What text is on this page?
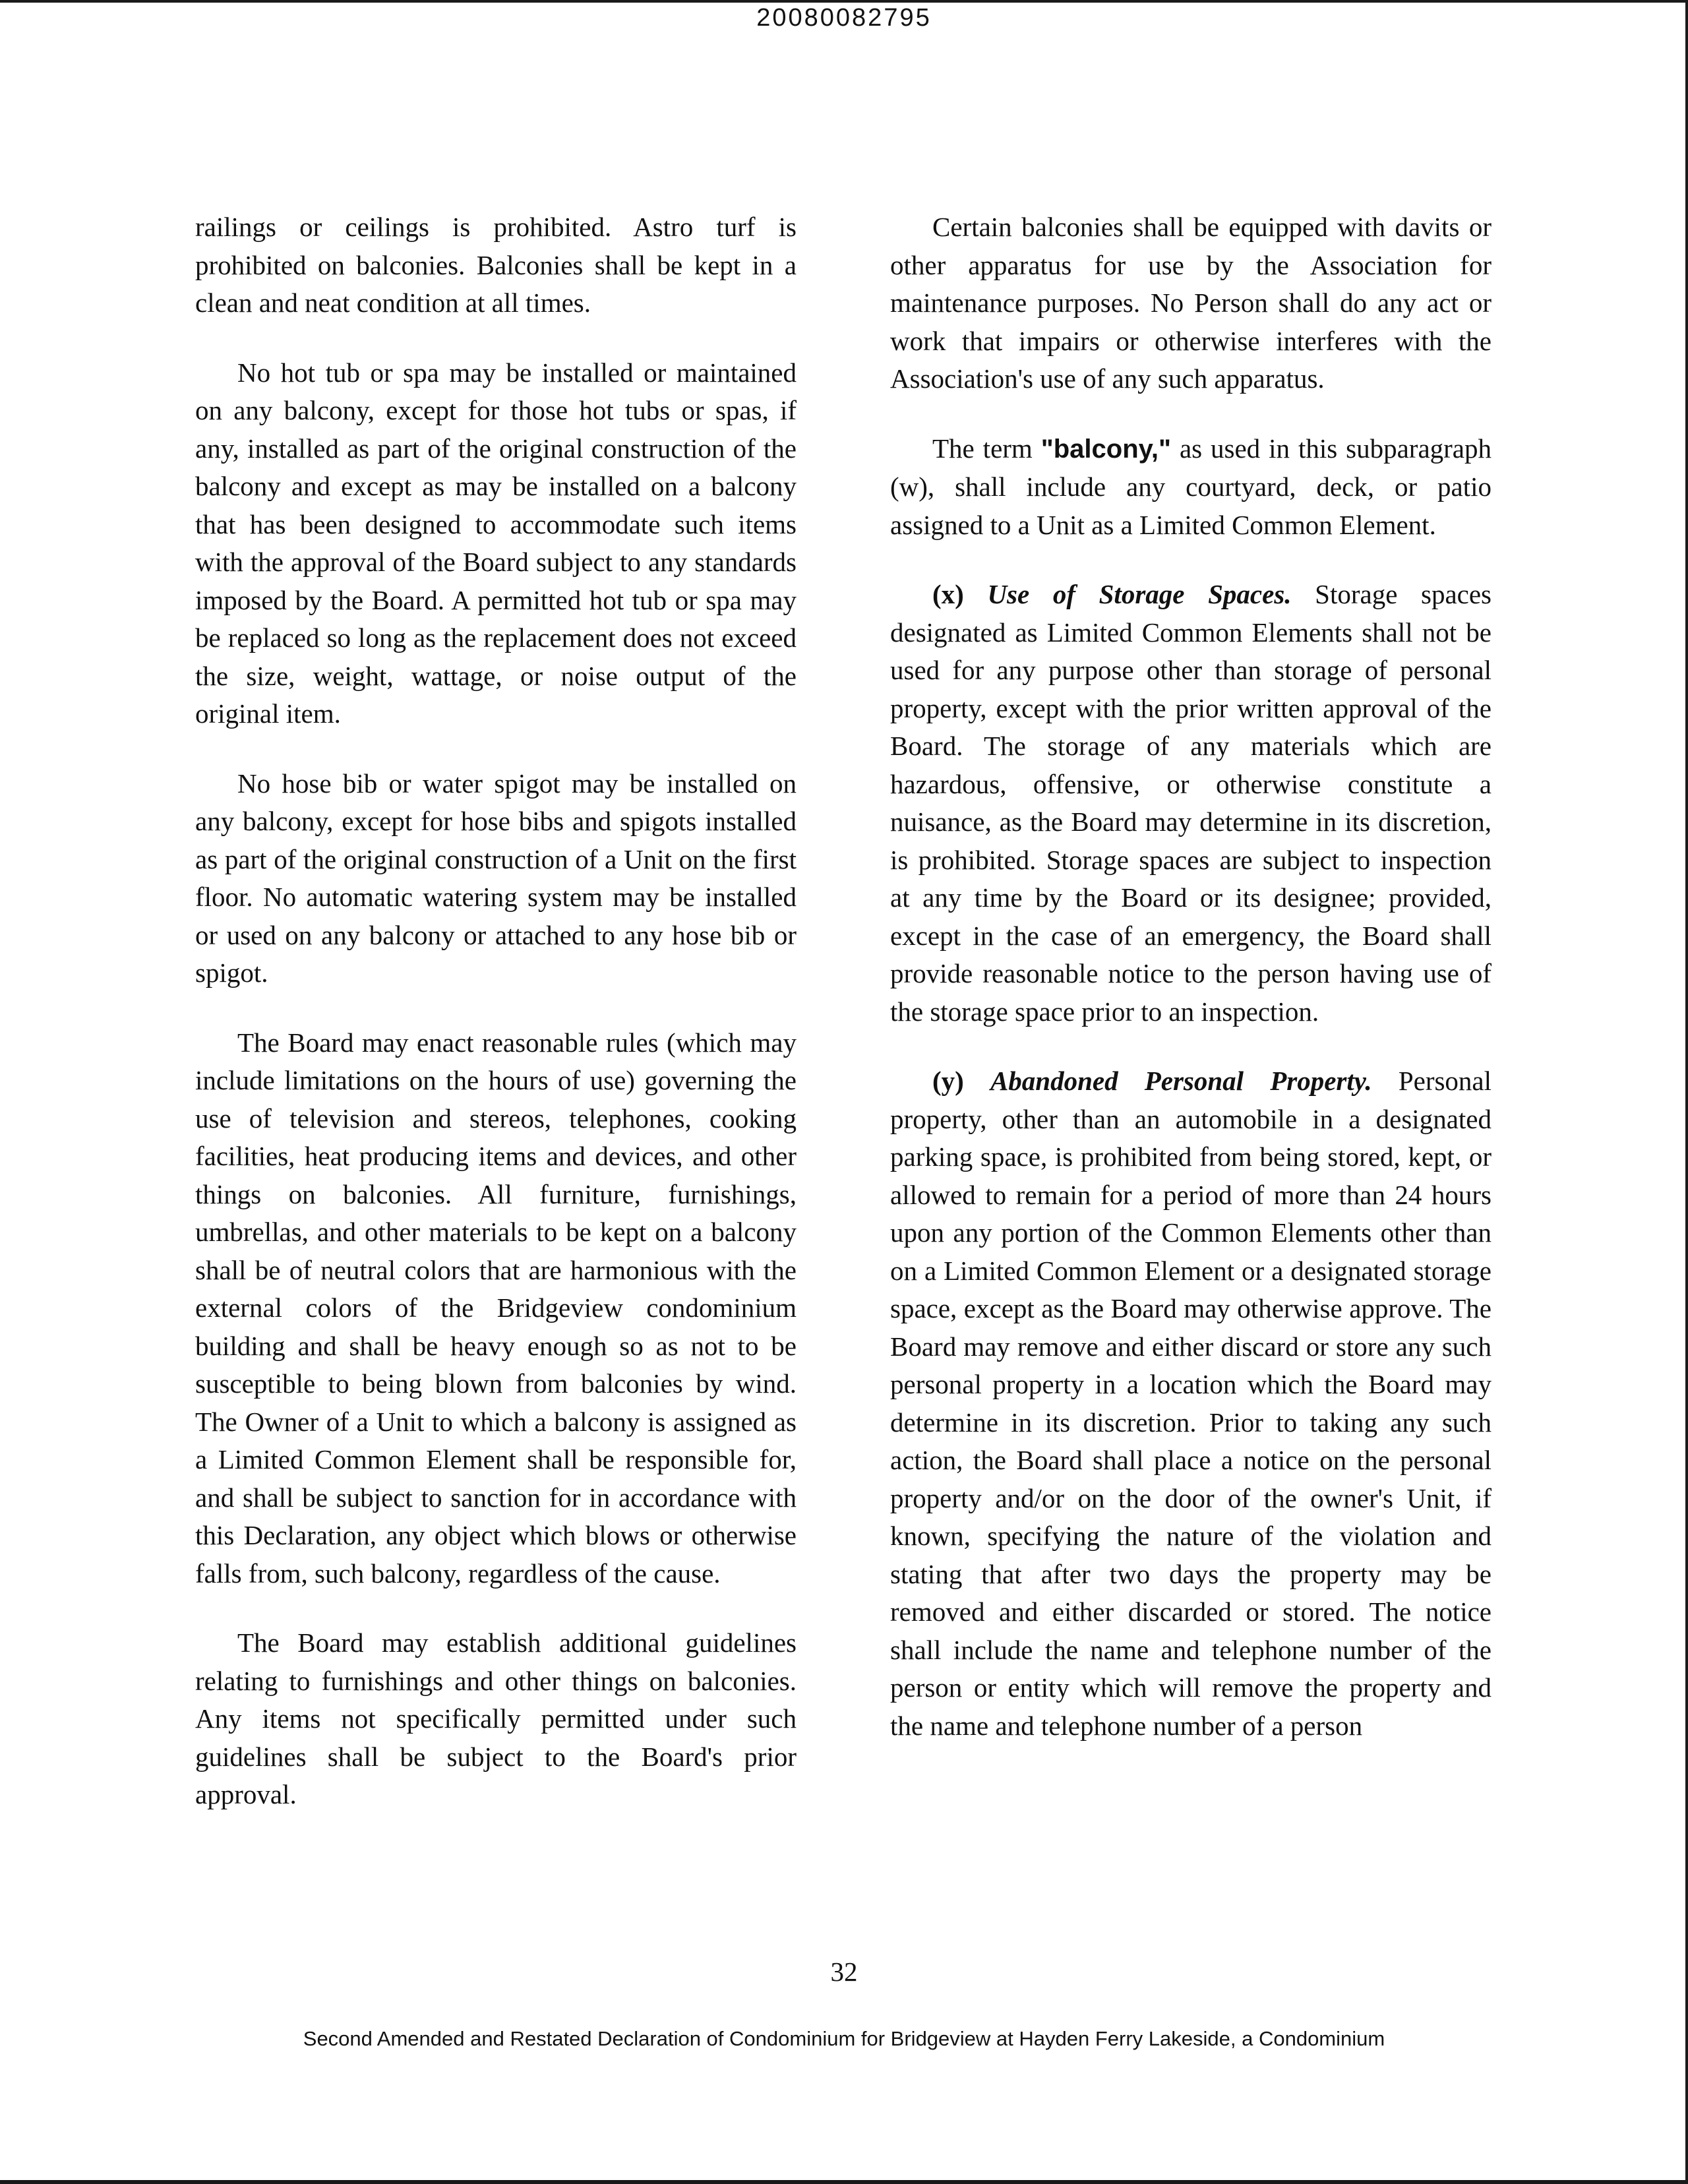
20080082795

railings or ceilings is prohibited. Astro turf is prohibited on balconies. Balconies shall be kept in a clean and neat condition at all times.

No hot tub or spa may be installed or maintained on any balcony, except for those hot tubs or spas, if any, installed as part of the original construction of the balcony and except as may be installed on a balcony that has been designed to accommodate such items with the approval of the Board subject to any standards imposed by the Board. A permitted hot tub or spa may be replaced so long as the replacement does not exceed the size, weight, wattage, or noise output of the original item.

No hose bib or water spigot may be installed on any balcony, except for hose bibs and spigots installed as part of the original construction of a Unit on the first floor. No automatic watering system may be installed or used on any balcony or attached to any hose bib or spigot.

The Board may enact reasonable rules (which may include limitations on the hours of use) governing the use of television and stereos, telephones, cooking facilities, heat producing items and devices, and other things on balconies. All furniture, furnishings, umbrellas, and other materials to be kept on a balcony shall be of neutral colors that are harmonious with the external colors of the Bridgeview condominium building and shall be heavy enough so as not to be susceptible to being blown from balconies by wind. The Owner of a Unit to which a balcony is assigned as a Limited Common Element shall be responsible for, and shall be subject to sanction for in accordance with this Declaration, any object which blows or otherwise falls from, such balcony, regardless of the cause.

The Board may establish additional guidelines relating to furnishings and other things on balconies. Any items not specifically permitted under such guidelines shall be subject to the Board's prior approval.

Certain balconies shall be equipped with davits or other apparatus for use by the Association for maintenance purposes. No Person shall do any act or work that impairs or otherwise interferes with the Association's use of any such apparatus.

The term "balcony," as used in this subparagraph (w), shall include any courtyard, deck, or patio assigned to a Unit as a Limited Common Element.

(x) Use of Storage Spaces. Storage spaces designated as Limited Common Elements shall not be used for any purpose other than storage of personal property, except with the prior written approval of the Board. The storage of any materials which are hazardous, offensive, or otherwise constitute a nuisance, as the Board may determine in its discretion, is prohibited. Storage spaces are subject to inspection at any time by the Board or its designee; provided, except in the case of an emergency, the Board shall provide reasonable notice to the person having use of the storage space prior to an inspection.

(y) Abandoned Personal Property. Personal property, other than an automobile in a designated parking space, is prohibited from being stored, kept, or allowed to remain for a period of more than 24 hours upon any portion of the Common Elements other than on a Limited Common Element or a designated storage space, except as the Board may otherwise approve. The Board may remove and either discard or store any such personal property in a location which the Board may determine in its discretion. Prior to taking any such action, the Board shall place a notice on the personal property and/or on the door of the owner's Unit, if known, specifying the nature of the violation and stating that after two days the property may be removed and either discarded or stored. The notice shall include the name and telephone number of the person or entity which will remove the property and the name and telephone number of a person

32
Second Amended and Restated Declaration of Condominium for Bridgeview at Hayden Ferry Lakeside, a Condominium
